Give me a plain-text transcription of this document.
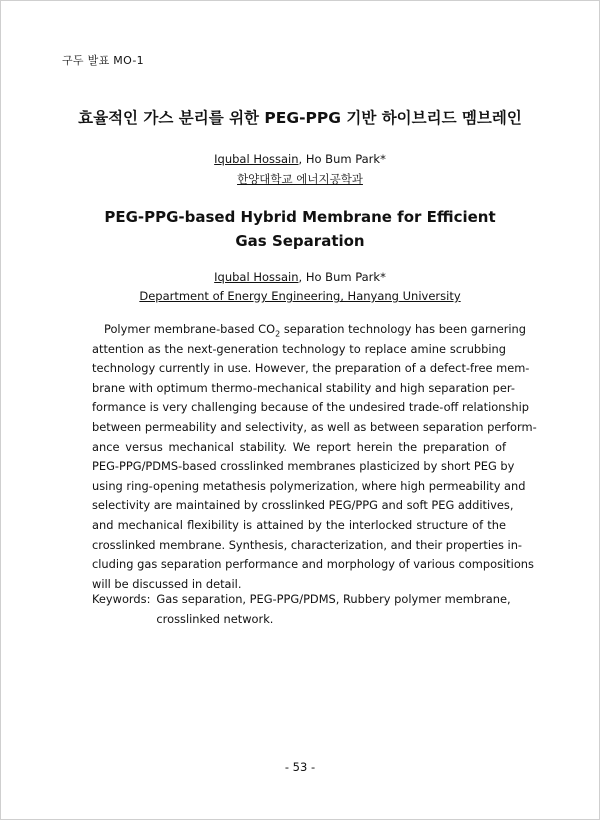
구두 발표 MO-1
효율적인 가스 분리를 위한 PEG-PPG 기반 하이브리드 멤브레인
Iqubal Hossain, Ho Bum Park*
한양대학교 에너지공학과
PEG-PPG-based Hybrid Membrane for Efficient Gas Separation
Iqubal Hossain, Ho Bum Park*
Department of Energy Engineering, Hanyang University
Polymer membrane-based $CO_2$ separation technology has been garnering
attention as the next-generation technology to replace amine scrubbing
technology currently in use. However, the preparation of a defect-free mem-
brane with optimum thermo-mechanical stability and high separation per-
formance is very challenging because of the undesired trade-off relationship
between permeability and selectivity, as well as between separation perform-
ance versus mechanical stability. We report herein the preparation of
PEG-PPG/PDMS-based crosslinked membranes plasticized by short PEG by
using ring-opening metathesis polymerization, where high permeability and
selectivity are maintained by crosslinked PEG/PPG and soft PEG additives,
and mechanical flexibility is attained by the interlocked structure of the
crosslinked membrane. Synthesis, characterization, and their properties in-
cluding gas separation performance and morphology of various compositions
will be discussed in detail.
Keywords: Gas separation, PEG-PPG/PDMS, Rubbery polymer membrane,
crosslinked network.
- 53 -
